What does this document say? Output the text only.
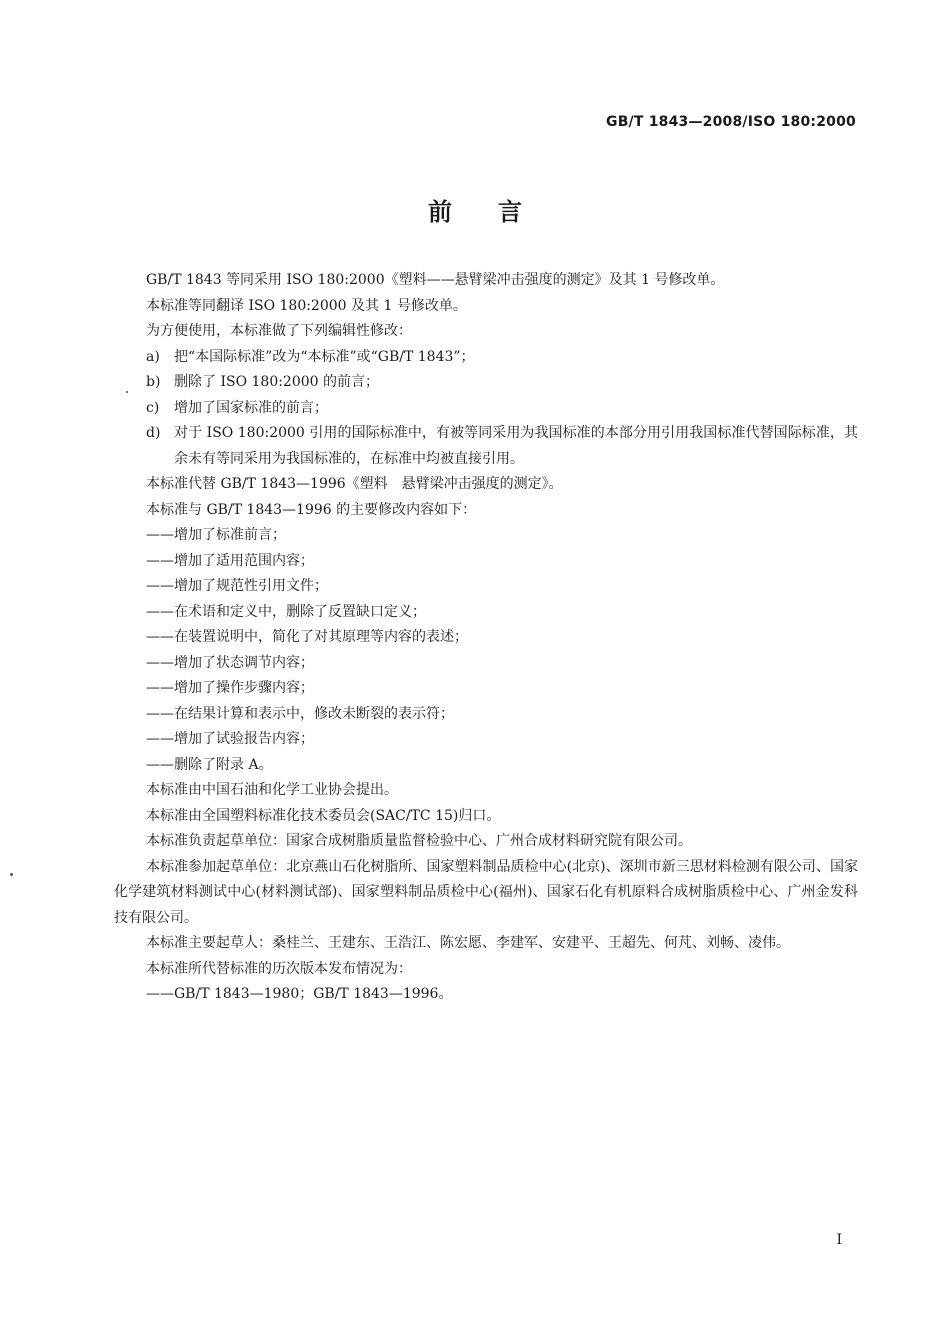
GB/T 1843—2008/ISO 180:2000
前言

GB/T 1843 等同采用 ISO 180:2000《塑料——悬臂梁冲击强度的测定》及其 1 号修改单。

本标准等同翻译 ISO 180:2000 及其 1 号修改单。

为方便使用，本标准做了下列编辑性修改：

a)	把“本国际标准”改为“本标准”或“GB/T 1843”；
b) 删除了 ISO 180:2000 的前言；
c)	增加了国家标准的前言；
d) 对于 ISO 180:2000 引用的国际标准中，有被等同采用为我国标准的本部分用引用我国标准代替国际标准，其余未有等同采用为我国标准的，在标准中均被直接引用。

本标准代替 GB/T 1843—1996《塑料　悬臂梁冲击强度的测定》。

本标准与 GB/T 1843—1996 的主要修改内容如下：

——增加了标准前言；
——增加了适用范围内容；
——增加了规范性引用文件；
——在术语和定义中，删除了反置缺口定义；
——在装置说明中，简化了对其原理等内容的表述；
——增加了状态调节内容；
——增加了操作步骤内容；
——在结果计算和表示中，修改未断裂的表示符；
——增加了试验报告内容；
——删除了附录 A。

本标准由中国石油和化学工业协会提出。

本标准由全国塑料标准化技术委员会(SAC/TC 15)归口。

本标准负责起草单位：国家合成树脂质量监督检验中心、广州合成材料研究院有限公司。

本标准参加起草单位：北京燕山石化树脂所、国家塑料制品质检中心(北京)、深圳市新三思材料检测有限公司、国家化学建筑材料测试中心(材料测试部)、国家塑料制品质检中心(福州)、国家石化有机原料合成树脂质检中心、广州金发科技有限公司。

本标准主要起草人：桑桂兰、王建东、王浩江、陈宏愿、李建军、安建平、王超先、何芃、刘畅、凌伟。

本标准所代替标准的历次版本发布情况为：

——GB/T 1843—1980；GB/T 1843—1996。
I
